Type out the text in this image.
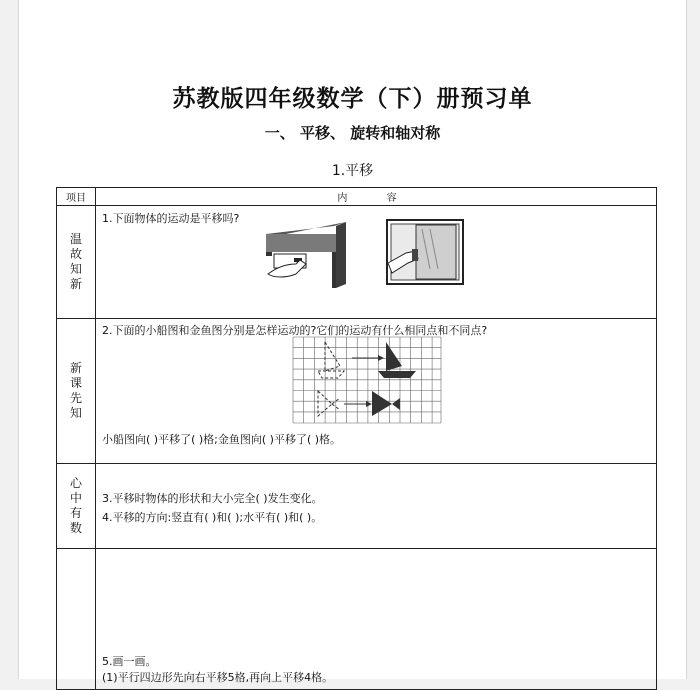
苏教版四年级数学（下）册预习单
一、 平移、 旋转和轴对称
1.平移
项目	内 容
温故知新	1.下面物体的运动是平移吗?

新课先知	2.下面的小船图和金鱼图分别是怎样运动的?它们的运动有什么相同点和不同点?
小船图向( )平移了( )格;金鱼图向( )平移了( )格。

心中有数	3.平移时物体的形状和大小完全( )发生变化。
4.平移的方向:竖直有( )和( );水平有( )和( )。

	5.画一画。
(1)平行四边形先向右平移5格,再向上平移4格。
